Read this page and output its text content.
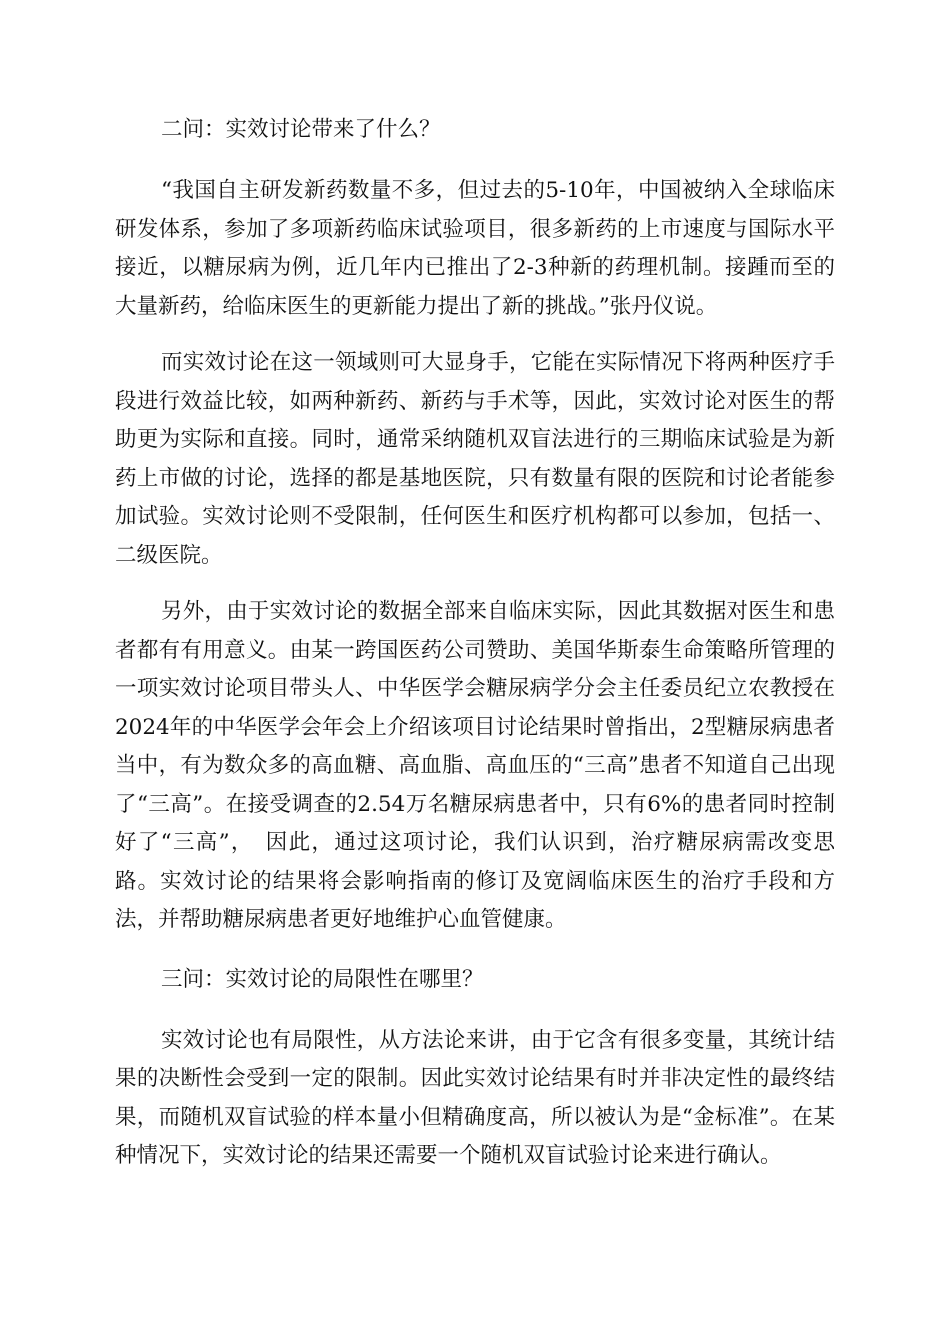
二问：实效讨论带来了什么？

“我国自主研发新药数量不多，但过去的5-10年，中国被纳入全球临床研发体系，参加了多项新药临床试验项目，很多新药的上市速度与国际水平接近，以糖尿病为例，近几年内已推出了2-3种新的药理机制。接踵而至的大量新药，给临床医生的更新能力提出了新的挑战。”张丹仪说。

而实效讨论在这一领域则可大显身手，它能在实际情况下将两种医疗手段进行效益比较，如两种新药、新药与手术等，因此，实效讨论对医生的帮助更为实际和直接。同时，通常采纳随机双盲法进行的三期临床试验是为新药上市做的讨论，选择的都是基地医院，只有数量有限的医院和讨论者能参加试验。实效讨论则不受限制，任何医生和医疗机构都可以参加，包括一、二级医院。

另外，由于实效讨论的数据全部来自临床实际，因此其数据对医生和患者都有有用意义。由某一跨国医药公司赞助、美国华斯泰生命策略所管理的一项实效讨论项目带头人、中华医学会糖尿病学分会主任委员纪立农教授在2024年的中华医学会年会上介绍该项目讨论结果时曾指出，2型糖尿病患者当中，有为数众多的高血糖、高血脂、高血压的“三高”患者不知道自己出现了“三高”。在接受调查的2.54万名糖尿病患者中，只有6%的患者同时控制好了“三高”，　因此，通过这项讨论，我们认识到，治疗糖尿病需改变思路。实效讨论的结果将会影响指南的修订及宽阔临床医生的治疗手段和方法，并帮助糖尿病患者更好地维护心血管健康。

三问：实效讨论的局限性在哪里？

实效讨论也有局限性，从方法论来讲，由于它含有很多变量，其统计结果的决断性会受到一定的限制。因此实效讨论结果有时并非决定性的最终结果，而随机双盲试验的样本量小但精确度高，所以被认为是“金标准”。在某种情况下，实效讨论的结果还需要一个随机双盲试验讨论来进行确认。
